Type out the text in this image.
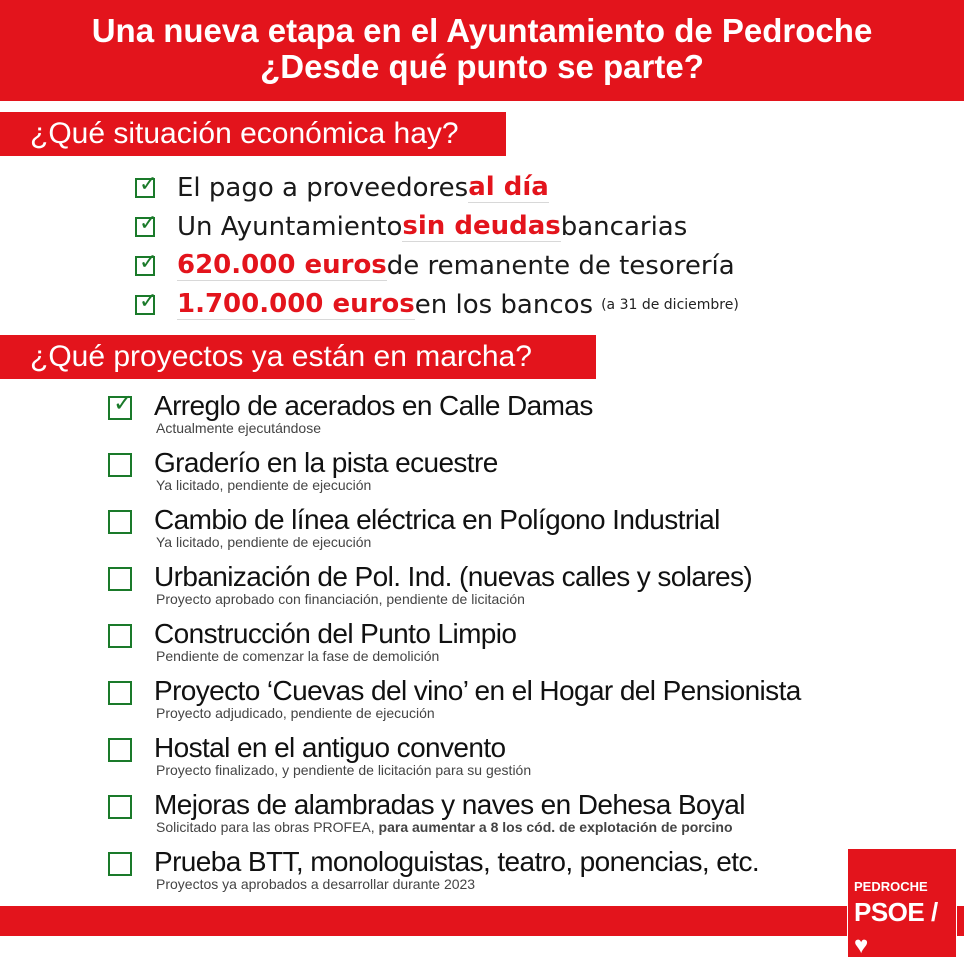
Una nueva etapa en el Ayuntamiento de Pedroche
¿Desde qué punto se parte?
¿Qué situación económica hay?
✓ El pago a proveedores al día
✓ Un Ayuntamiento sin deudas bancarias
✓ 620.000 euros de remanente de tesorería
✓ 1.700.000 euros en los bancos (a 31 de diciembre)
¿Qué proyectos ya están en marcha?
✓ Arreglo de acerados en Calle Damas
Actualmente ejecutándose
Graderío en la pista ecuestre
Ya licitado, pendiente de ejecución
Cambio de línea eléctrica en Polígono Industrial
Ya licitado, pendiente de ejecución
Urbanización de Pol. Ind. (nuevas calles y solares)
Proyecto aprobado con financiación, pendiente de licitación
Construcción del Punto Limpio
Pendiente de comenzar la fase de demolición
Proyecto ‘Cuevas del vino’ en el Hogar del Pensionista
Proyecto adjudicado, pendiente de ejecución
Hostal en el antiguo convento
Proyecto finalizado, y pendiente de licitación para su gestión
Mejoras de alambradas y naves en Dehesa Boyal
Solicitado para las obras PROFEA, para aumentar a 8 los cód. de explotación de porcino
Prueba BTT, monologuistas, teatro, ponencias, etc.
Proyectos ya aprobados a desarrollar durante 2023	PEDROCHE
PSOE / ♥
